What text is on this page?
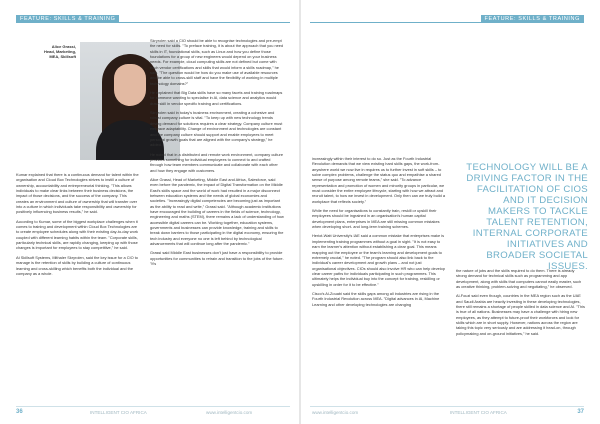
FEATURE: SKILLS & TRAINING
Alice Grassi,
Head, Marketing,
MEA, Skillsoft

Kumar explained that there is a continuous demand for talent within the organisation and Cloud Box Technologies strives to instill a culture of ownership, accountability and entrepreneurial thinking. "This allows individuals to make clear links between their business decisions, the impact of those decisions, and the success of the company. This creates an environment and culture of ownership that will transfer over into a culture in which individuals take responsibility and ownership for positively influencing business results," he said.

According to Kumar, some of the biggest workplace challenges when it comes to training and development within Cloud Box Technologies are to create employee schedules along with their existing day-to-day work coupled with different learning habits within the team. "Corporate skills, particularly technical skills, are rapidly changing, keeping up with those changes is important for employees to stay competitive," he said.

At Skillsoft Systems, Mithaler Skryrolen, said the key issue for a CIO to manage is the retention of skills by building a culture of continuous learning and cross-skilling which benefits both the individual and the company as a whole.

Skryrolen said a CIO should be able to recognise technologies and pre-empt the need for skills. "To preface training, it is about the approach that you need skills in IT, foundational skills, such as Linux and how you define those foundations for a group of new engineers would depend on your business needs. For example, cloud computing skills are not defined but come with each vendor certifications and skills that would inform a skills roadmap," he said. "The question would be how do you make use of available resources and be able to cross-skill staff and have the flexibility of working in multiple technology domains?"

He explained that Big Data skills have so many facets and training roadmaps for someone wanting to specialise in AI, data science and analytics would draw skill in vendor specific training and certifications.

Skryrolen said in today's business environment, creating a cohesive and robust company culture is vital. "To keep up with new technology trends driving demand for solutions requires a clear strategy. Company culture must embrace adaptability. Change of environment and technologies are constant and the company culture should support and enable employees to meet personal growth goals that are aligned with the company's strategy," he added.

He noted that in a distributed and remote work environment, company culture provides something for individual employees to connect to and crafted through how team members communicate and collaborate with each other and how they engage with customers.

Alice Grassi, Head of Marketing, Middle East and Africa, Salesforce, said even before the pandemic, the impact of Digital Transformation on the Middle East's skills space and the world of work had resulted in a major disconnect between education systems and the needs of global economies and societies. "Increasingly digital competencies are becoming just as important as the ability to read and write," Grassi said. "Although academic institutions have encouraged the building of careers in the fields of science, technology, engineering and maths (STEM), there remains a lack of understanding of how accessible digital careers can be. Working together, education systems, governments and businesses can provide knowledge, training and skills to break down barriers to those participating in the digital economy, ensuring the tech industry and everyone no one is left behind by technological advancements that will continue long after the pandemic."

Grassi said Middle East businesses don't just have a responsibility to provide opportunities for communities to retrain and transition to the jobs of the future. "It's

36	INTELLIGENT CIO AFRICA	www.intelligentcio.com
FEATURE: SKILLS & TRAINING

increasingly within their interest to do so. Just as the Fourth Industrial Revolution demands that we view existing hard skills gaps, the work-from-anywhere world we now live in requires us to further invest in soft skills – to solve complex problems, challenge the status quo and empathise a shared sense of purpose among remote teams," she said. "To advance representation and promotion of women and minority groups in particular, we must consider the entire employee lifecycle, starting with how we attract and recruit talent, to how we invest in development. Only then can we truly build a workplace that reflects society."

While the need for organisations to constantly train, reskill or upskill their employees should be ingrained in an organisation's human capital development plans, enterprises in MEA are still missing common mistakes when developing short- and long-term training schemes.

Heriot-Watt University's IAE said a common mistake that enterprises make is implementing training programmes without a goal in sight. "It is not easy to earn the learner's attention without establishing a clear goal. This means mapping out the employee or the team's learning and development goals to extremely crucial," he noted. "The program should also link back to the individual's career development and growth plans – and not just organisational objectives. CIOs should also involve HR who can help develop clear career paths for individuals participating in such programmes. This ultimately helps the individual buy into the concept for training, reskilling or upskilling in order for it to be effective."

Cisco's Al-Zouabi said the skills gaps among all industries are rising in the Fourth Industrial Revolution across MEA. "Digital advances in AI, Machine Learning and other developing technologies are changing

TECHNOLOGY WILL BE A DRIVING FACTOR IN THE FACILITATION OF CIOS AND IT DECISION MAKERS TO TACKLE TALENT RETENTION, INTERNAL CORPORATE INITIATIVES AND BROADER SOCIETAL ISSUES.

the nature of jobs and the skills required to do them. There is already strong demand for technical skills such as programming and app development, along with skills that computers cannot easily master, such as creative thinking, problem-solving and negotiating," he observed.

Al-Fouzi said even though, countries in the MEA region such as the UAE and Saudi Arabia are heavily investing in these developing technologies, there still remains a shortage of people skilled in data science and AI. "This is true of all nations. Businesses may have a challenge with hiring new employees, as they attempt to future-proof their workforces and look for skills which are in short supply. However, nations across the region are taking this topic very seriously and are addressing it head-on, through policymaking and on-ground initiatives," he said.

www.intelligentcio.com	INTELLIGENT CIO AFRICA	37
